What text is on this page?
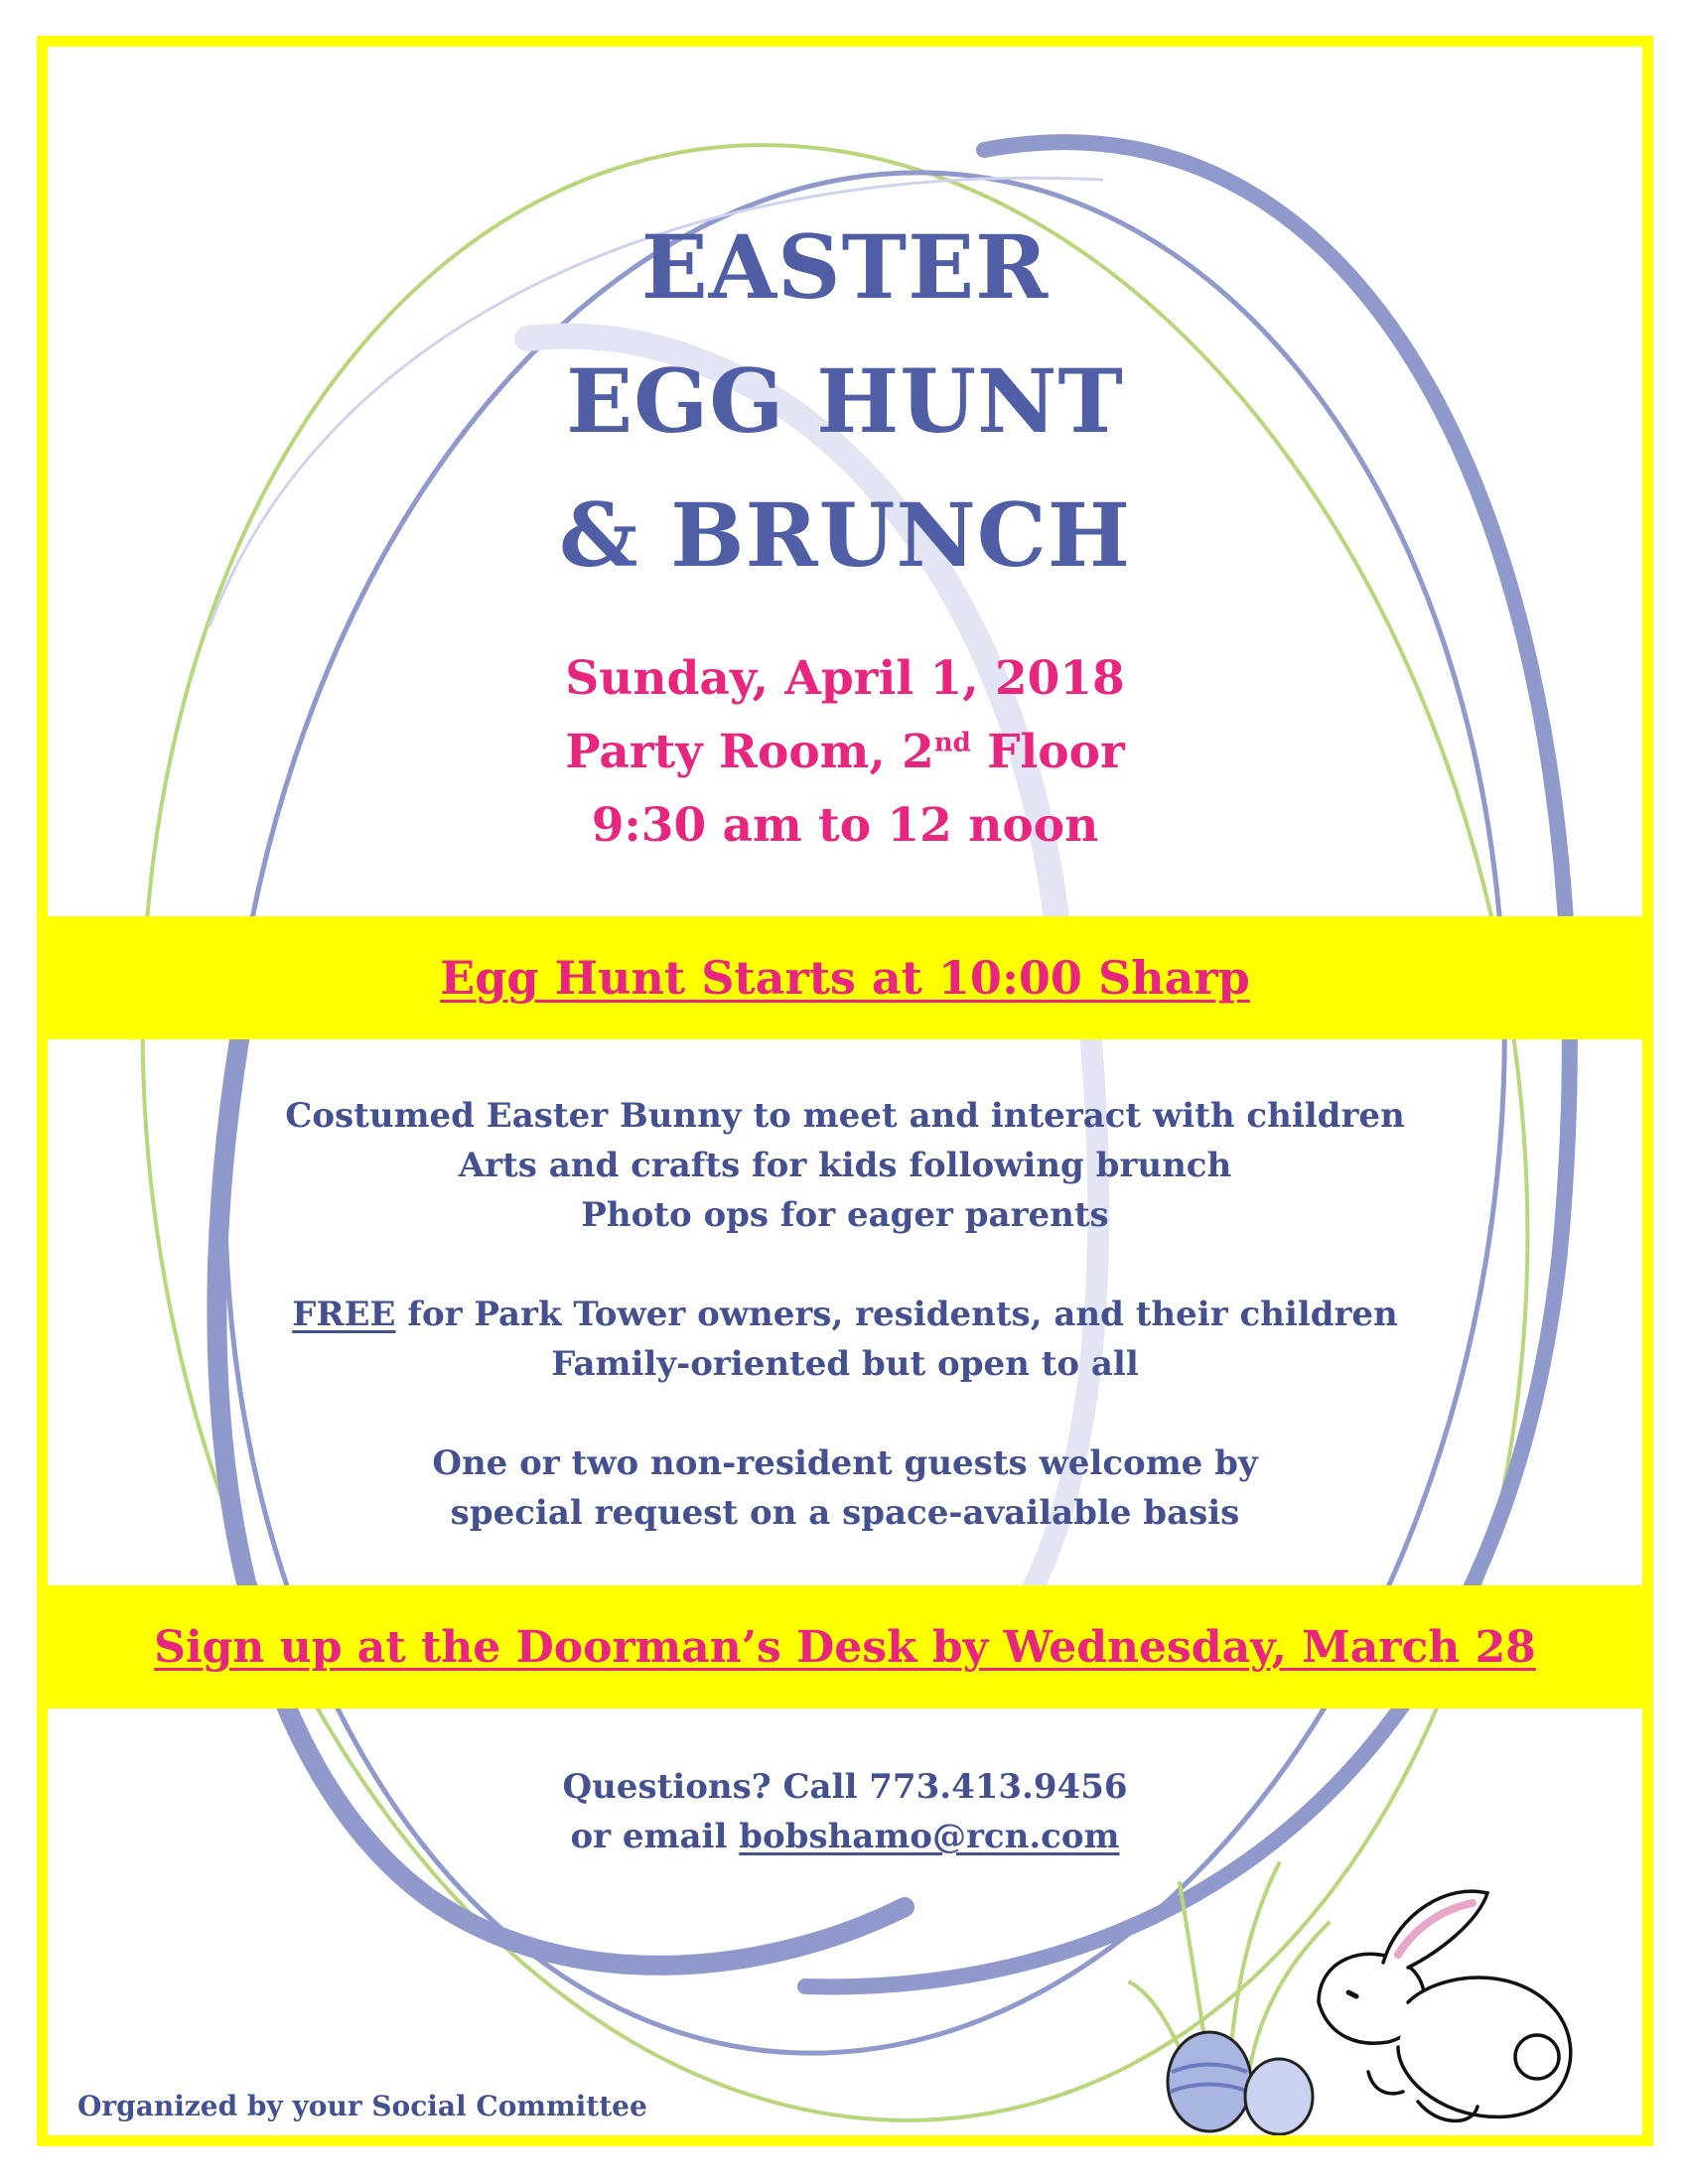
EASTER
EGG HUNT
& BRUNCH
Sunday, April 1, 2018
Party Room, 2nd Floor
9:30 am to 12 noon
Egg Hunt Starts at 10:00 Sharp
Costumed Easter Bunny to meet and interact with children
Arts and crafts for kids following brunch
Photo ops for eager parents
FREE for Park Tower owners, residents, and their children
Family-oriented but open to all
One or two non-resident guests welcome by
special request on a space-available basis
Sign up at the Doorman’s Desk by Wednesday, March 28
Questions? Call 773.413.9456
or email bobshamo@rcn.com
Organized by your Social Committee
